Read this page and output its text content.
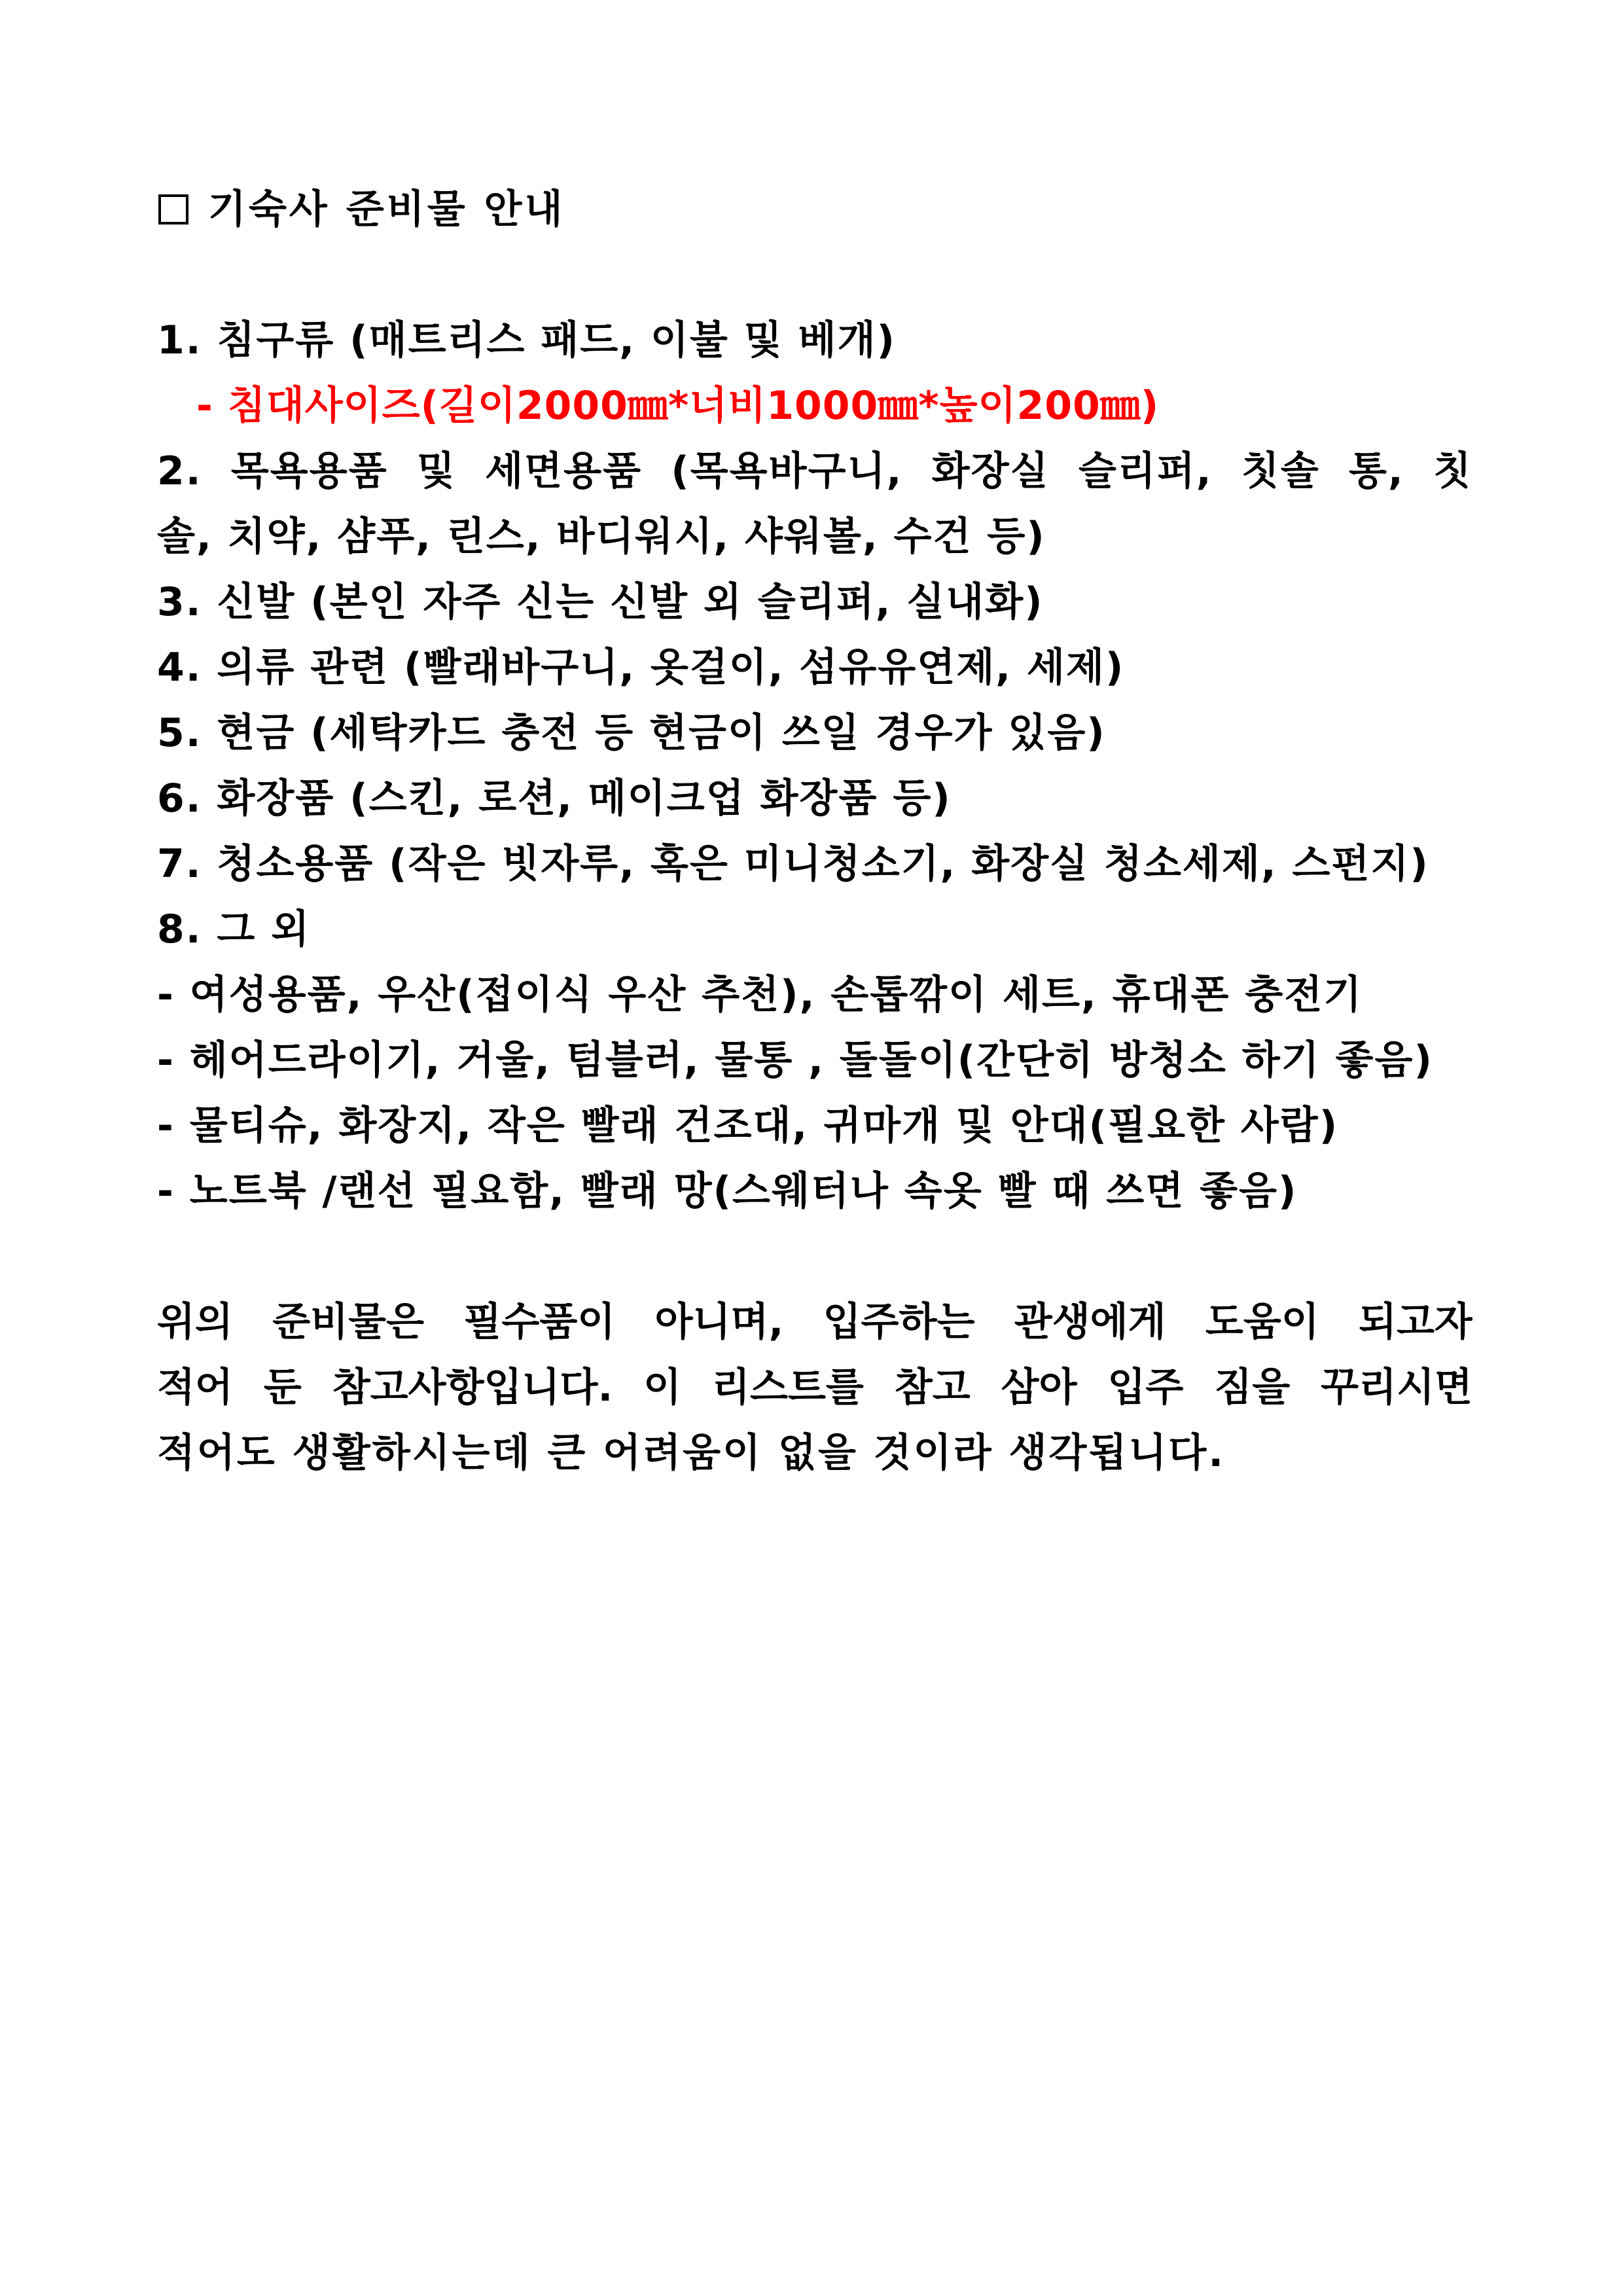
기숙사 준비물 안내
1. 침구류 (매트리스 패드, 이불 및 베개)
- 침대사이즈(길이2000㎜*너비1000㎜*높이200㎜)
2. 목욕용품 및 세면용품 (목욕바구니, 화장실 슬리퍼, 칫솔 통, 칫
솔, 치약, 샴푸, 린스, 바디워시, 샤워볼, 수건 등)
3. 신발 (본인 자주 신는 신발 외 슬리퍼, 실내화)
4. 의류 관련 (빨래바구니, 옷걸이, 섬유유연제, 세제)
5. 현금 (세탁카드 충전 등 현금이 쓰일 경우가 있음)
6. 화장품 (스킨, 로션, 메이크업 화장품 등)
7. 청소용품 (작은 빗자루, 혹은 미니청소기, 화장실 청소세제, 스펀지)
8. 그 외
- 여성용품, 우산(접이식 우산 추천), 손톱깎이 세트, 휴대폰 충전기
- 헤어드라이기, 거울, 텀블러, 물통 , 돌돌이(간단히 방청소 하기 좋음)
- 물티슈, 화장지, 작은 빨래 건조대, 귀마개 및 안대(필요한 사람)
- 노트북 /랜선 필요함, 빨래 망(스웨터나 속옷 빨 때 쓰면 좋음)
위의 준비물은 필수품이 아니며, 입주하는 관생에게 도움이 되고자
적어 둔 참고사항입니다. 이 리스트를 참고 삼아 입주 짐을 꾸리시면
적어도 생활하시는데 큰 어려움이 없을 것이라 생각됩니다.
